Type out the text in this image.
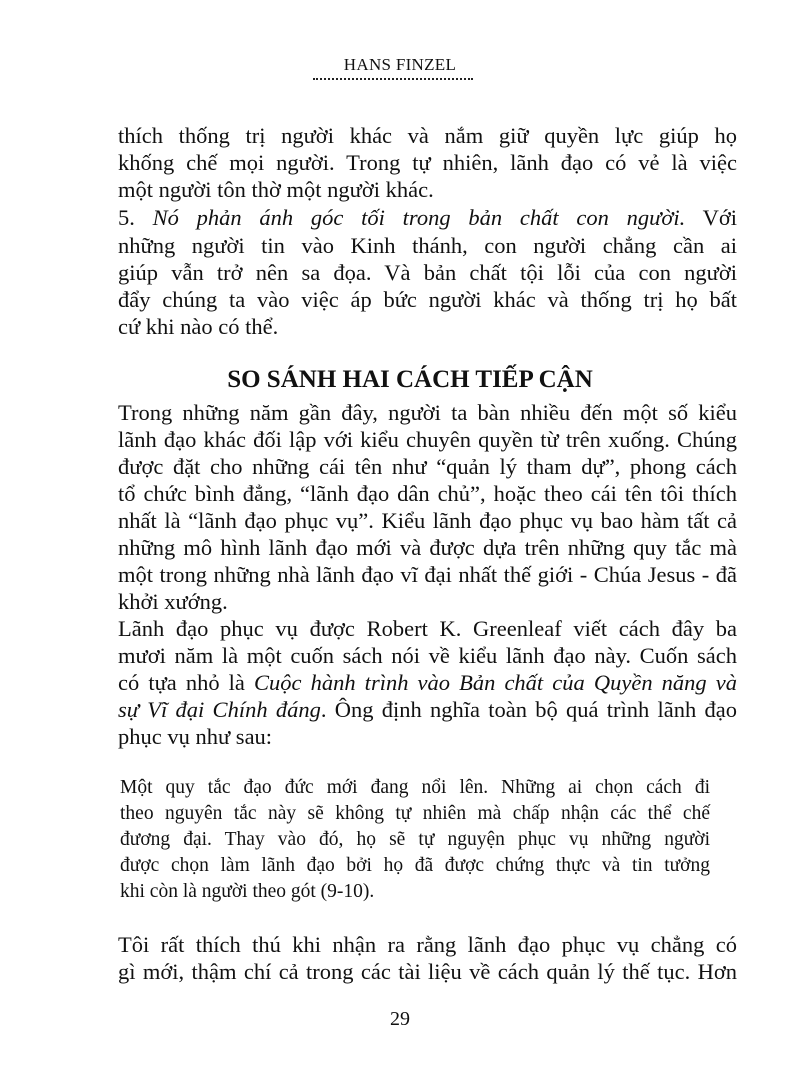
HANS FINZEL
SO SÁNH HAI CÁCH TIẾP CẬN
thích thống trị người khác và nắm giữ quyền lực giúp họ
khống chế mọi người. Trong tự nhiên, lãnh đạo có vẻ là việc
một người tôn thờ một người khác.
5. Nó phản ánh góc tối trong bản chất con người. Với
những người tin vào Kinh thánh, con người chẳng cần ai
giúp vẫn trở nên sa đọa. Và bản chất tội lỗi của con người
đẩy chúng ta vào việc áp bức người khác và thống trị họ bất
cứ khi nào có thể.
Trong những năm gần đây, người ta bàn nhiều đến một số kiểu
lãnh đạo khác đối lập với kiểu chuyên quyền từ trên xuống. Chúng
được đặt cho những cái tên như “quản lý tham dự”, phong cách
tổ chức bình đẳng, “lãnh đạo dân chủ”, hoặc theo cái tên tôi thích
nhất là “lãnh đạo phục vụ”. Kiểu lãnh đạo phục vụ bao hàm tất cả
những mô hình lãnh đạo mới và được dựa trên những quy tắc mà
một trong những nhà lãnh đạo vĩ đại nhất thế giới - Chúa Jesus - đã
khởi xướng.
Lãnh đạo phục vụ được Robert K. Greenleaf viết cách đây ba
mươi năm là một cuốn sách nói về kiểu lãnh đạo này. Cuốn sách
có tựa nhỏ là Cuộc hành trình vào Bản chất của Quyền năng và
sự Vĩ đại Chính đáng. Ông định nghĩa toàn bộ quá trình lãnh đạo
phục vụ như sau:
Một quy tắc đạo đức mới đang nổi lên. Những ai chọn cách đi
theo nguyên tắc này sẽ không tự nhiên mà chấp nhận các thể chế
đương đại. Thay vào đó, họ sẽ tự nguyện phục vụ những người
được chọn làm lãnh đạo bởi họ đã được chứng thực và tin tưởng
khi còn là người theo gót (9-10).
Tôi rất thích thú khi nhận ra rằng lãnh đạo phục vụ chẳng có
gì mới, thậm chí cả trong các tài liệu về cách quản lý thế tục. Hơn
29
